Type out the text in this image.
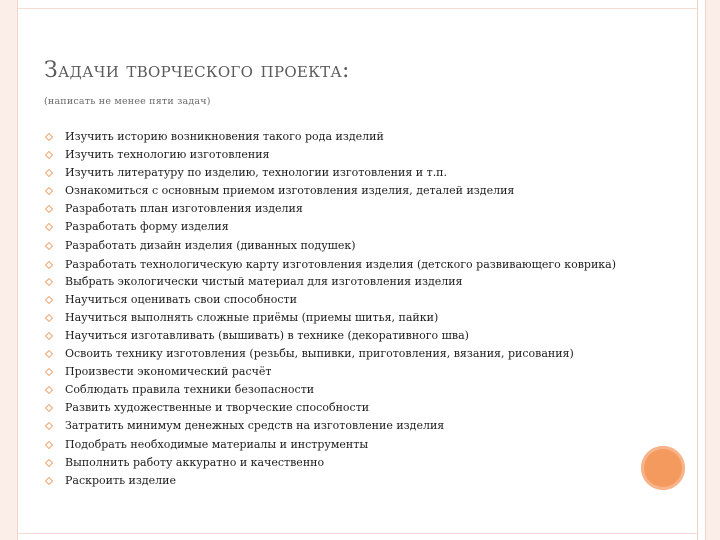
Задачи творческого проекта:
(написать не менее пяти задач)
Изучить историю возникновения такого рода изделий
Изучить технологию изготовления
Изучить литературу по изделию, технологии изготовления и т.п.
Ознакомиться с основным приемом изготовления изделия, деталей изделия
Разработать план изготовления изделия
Разработать форму изделия
Разработать дизайн изделия (диванных подушек)
Разработать технологическую карту изготовления изделия (детского развивающего коврика)
Выбрать экологически чистый материал для изготовления изделия
Научиться оценивать свои способности
Научиться выполнять сложные приёмы (приемы шитья, пайки)
Научиться изготавливать (вышивать) в технике (декоративного шва)
Освоить технику изготовления (резьбы, выпивки, приготовления, вязания, рисования)
Произвести экономический расчёт
Соблюдать правила техники безопасности
Развить художественные и творческие способности
Затратить минимум денежных средств на изготовление изделия
Подобрать необходимые материалы и инструменты
Выполнить работу аккуратно и качественно
Раскроить изделие
